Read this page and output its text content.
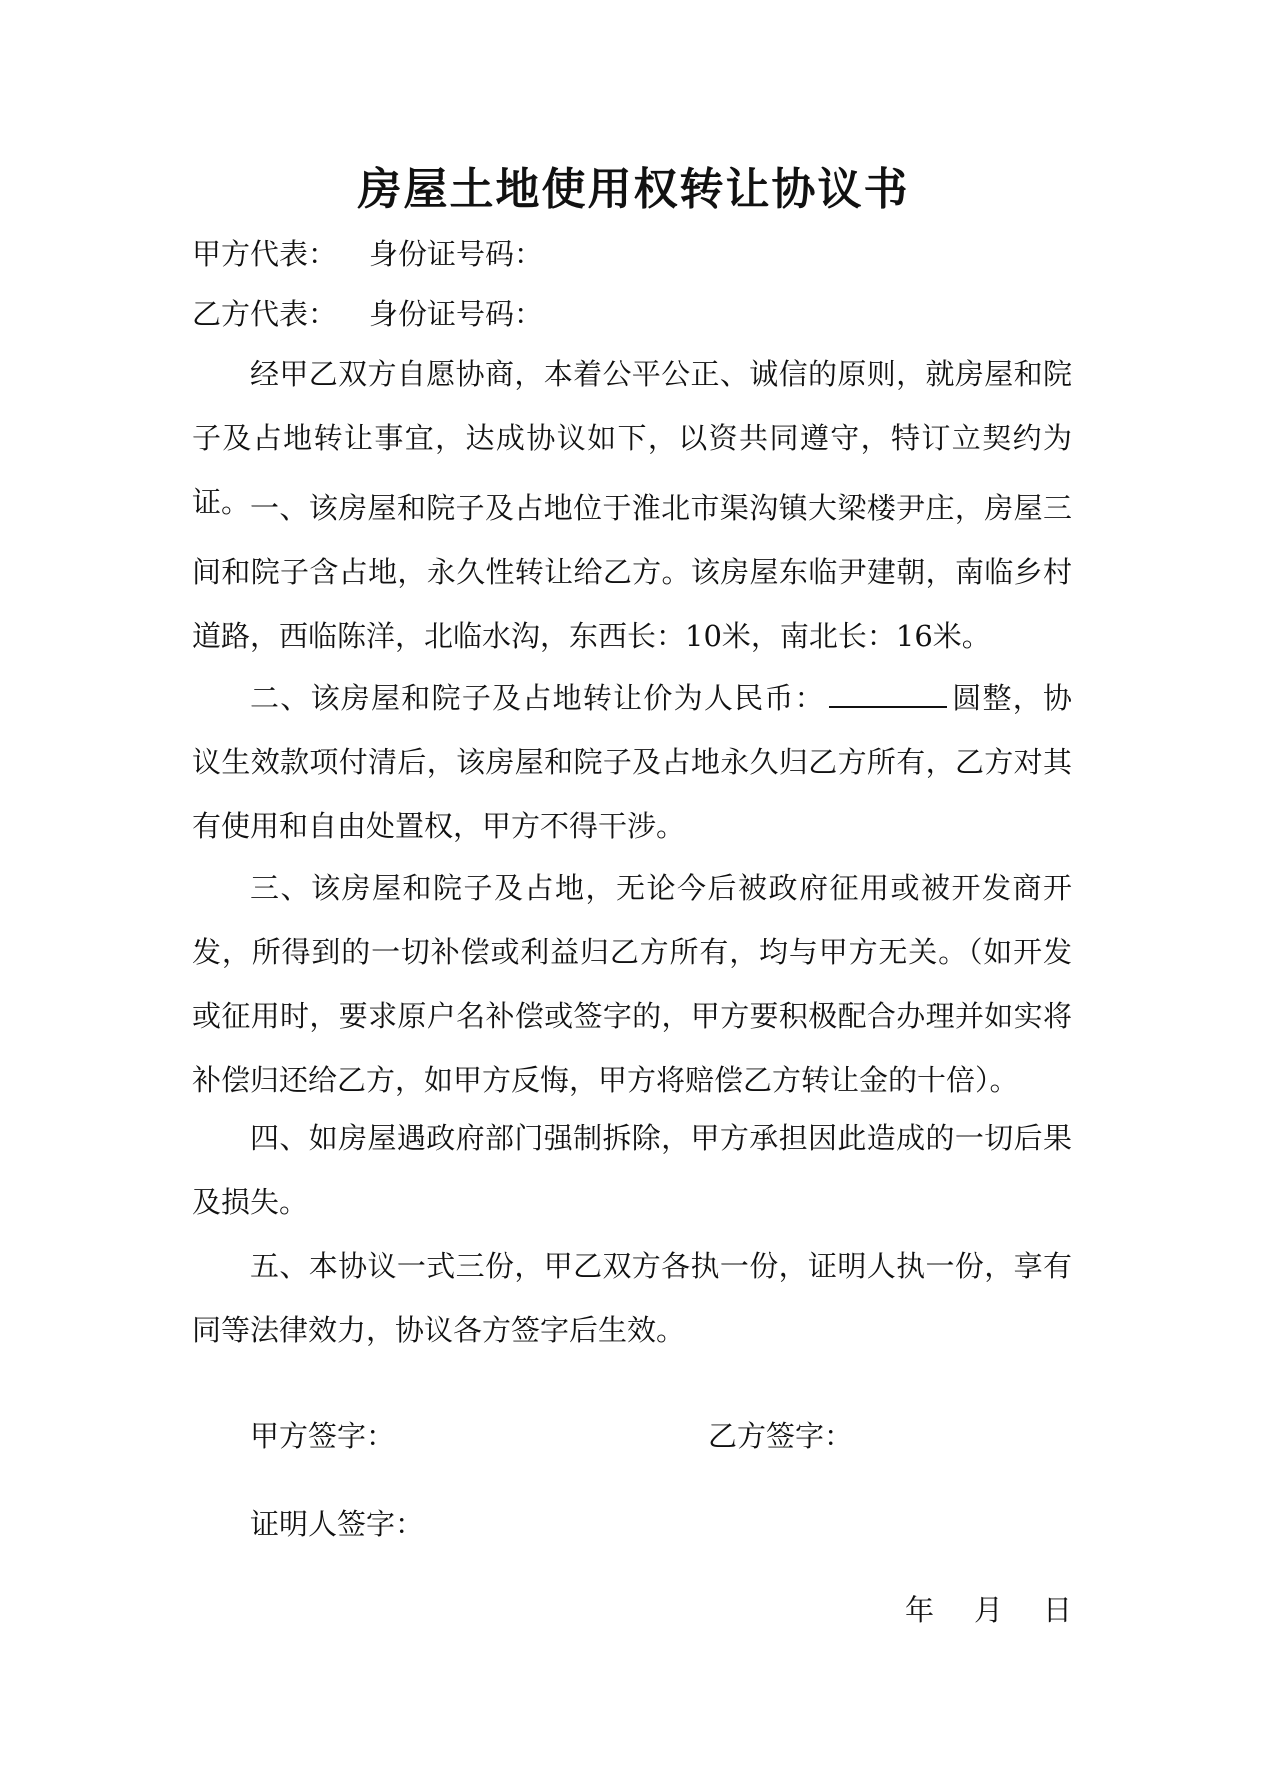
房屋土地使用权转让协议书
甲方代表： 身份证号码：
乙方代表： 身份证号码：

经甲乙双方自愿协商，本着公平公正、诚信的原则，就房屋和院子及占地转让事宜，达成协议如下，以资共同遵守，特订立契约为证。 一、该房屋和院子及占地位于淮北市渠沟镇大梁楼尹庄，房屋三间和院子含占地，永久性转让给乙方。该房屋东临尹建朝，南临乡村道路，西临陈洋，北临水沟，东西长：10米，南北长：16米。

二、该房屋和院子及占地转让价为人民币：	圆整，协议生效款项付清后，该房屋和院子及占地永久归乙方所有，乙方对其有使用和自由处置权，甲方不得干涉。

三、该房屋和院子及占地，无论今后被政府征用或被开发商开发，所得到的一切补偿或利益归乙方所有，均与甲方无关。（如开发或征用时，要求原户名补偿或签字的，甲方要积极配合办理并如实将补偿归还给乙方，如甲方反悔，甲方将赔偿乙方转让金的十倍）。

四、如房屋遇政府部门强制拆除，甲方承担因此造成的一切后果及损失。

五、本协议一式三份，甲乙双方各执一份，证明人执一份，享有同等法律效力，协议各方签字后生效。

甲方签字：	乙方签字：
证明人签字：
年 月 日
